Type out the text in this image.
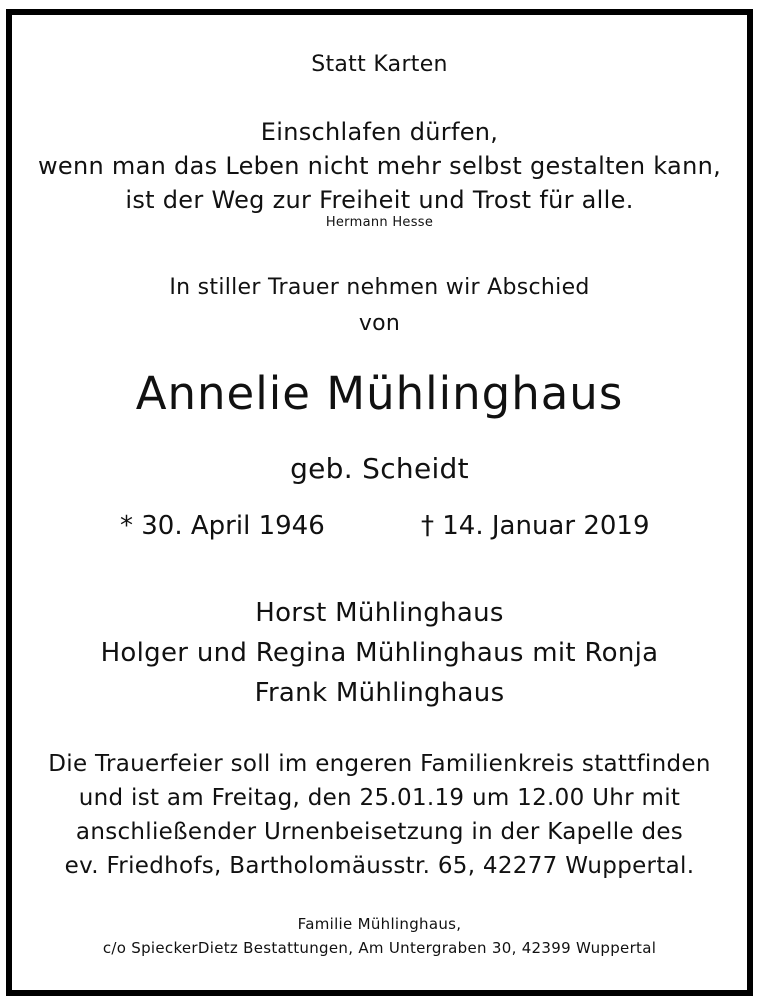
Statt Karten
Einschlafen dürfen,
wenn man das Leben nicht mehr selbst gestalten kann,
ist der Weg zur Freiheit und Trost für alle.
Hermann Hesse
In stiller Trauer nehmen wir Abschied
von
Annelie Mühlinghaus
geb. Scheidt
* 30. April 1946	† 14. Januar 2019
Horst Mühlinghaus
Holger und Regina Mühlinghaus mit Ronja
Frank Mühlinghaus
Die Trauerfeier soll im engeren Familienkreis stattfinden
und ist am Freitag, den 25.01.19 um 12.00 Uhr mit
anschließender Urnenbeisetzung in der Kapelle des
ev. Friedhofs, Bartholomäusstr. 65, 42277 Wuppertal.
Familie Mühlinghaus,
c/o SpieckerDietz Bestattungen, Am Untergraben 30, 42399 Wuppertal
